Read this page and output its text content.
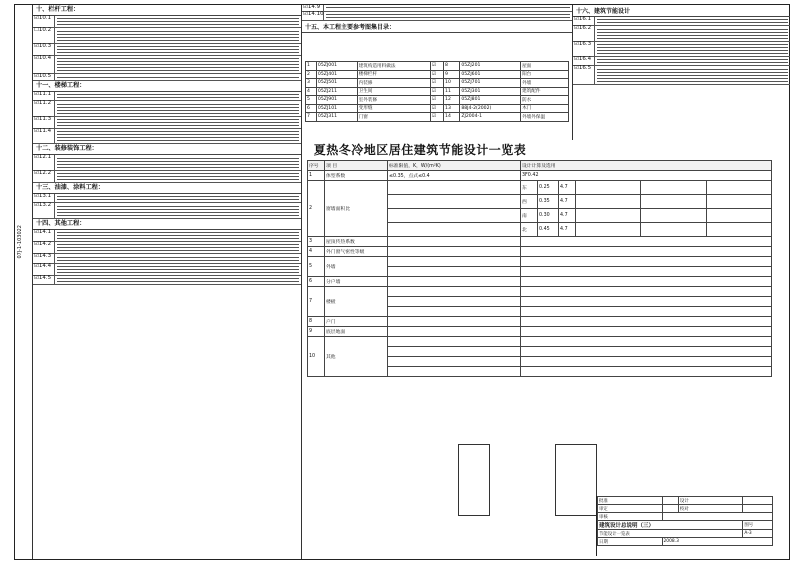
07J-1-103022
十、栏杆工程：
☑10.1
☐10.2
☑10.3
☑10.4
☑10.5
十一、楼梯工程：
☑11.1
☑11.2
☑11.3
☑11.4
十二、装修装饰工程：
☑12.1
☑12.2
十三、油漆、涂料工程：
☑13.1
☑13.2
十四、其他工程：
☑14.1
☑14.2
☑14.3
☑14.4
☑14.5
☑14.9
☑14.10
十五、本工程主要参考图集目录：
1	05ZJ001	建筑构造用料做法	☑	8	05ZJ201	屋面
2	05ZJ401	楼梯栏杆	☑	9	05ZJ601	阳台
3	05ZJ501	内装修	☑	10	05ZJ701	外墙
4	05ZJ211	卫生间	☑	11	05ZJ301	建筑配件
5	05ZJ901	室外装修	☑	12	05ZJ801	防水
6	05ZJ101	变形缝	☑	13	88J4-2(2002)	木门
7	05ZJ311	门窗	☑	14	ZJ2004-1	外墙外保温
十六、建筑节能设计
☑16.1
☑16.2
☑16.3
☑16.4
☑16.5
夏热冬冷地区居住建筑节能设计一览表
序号	项 目	标准限值，K，W/(m²K)	设计计算及选用					
1	体型系数	≤0.35，点式≤0.4	3F0.42					
2	窗墙面积比		东	0.25	4.7			
			西	0.35	4.7			
			南	0.30	4.7			
			北	0.45	4.7			
3	屋顶传热系数							
4	外门窗气密性等级							
5	外墙							

6	分户墙							
7	楼板							

8	户门							
9	底层地面							
10	其他							

批准		设计	
审定		校对	
审核			
建筑设计总说明（三）			图号
节能设计一览表			A-3
日期	2008.3		
